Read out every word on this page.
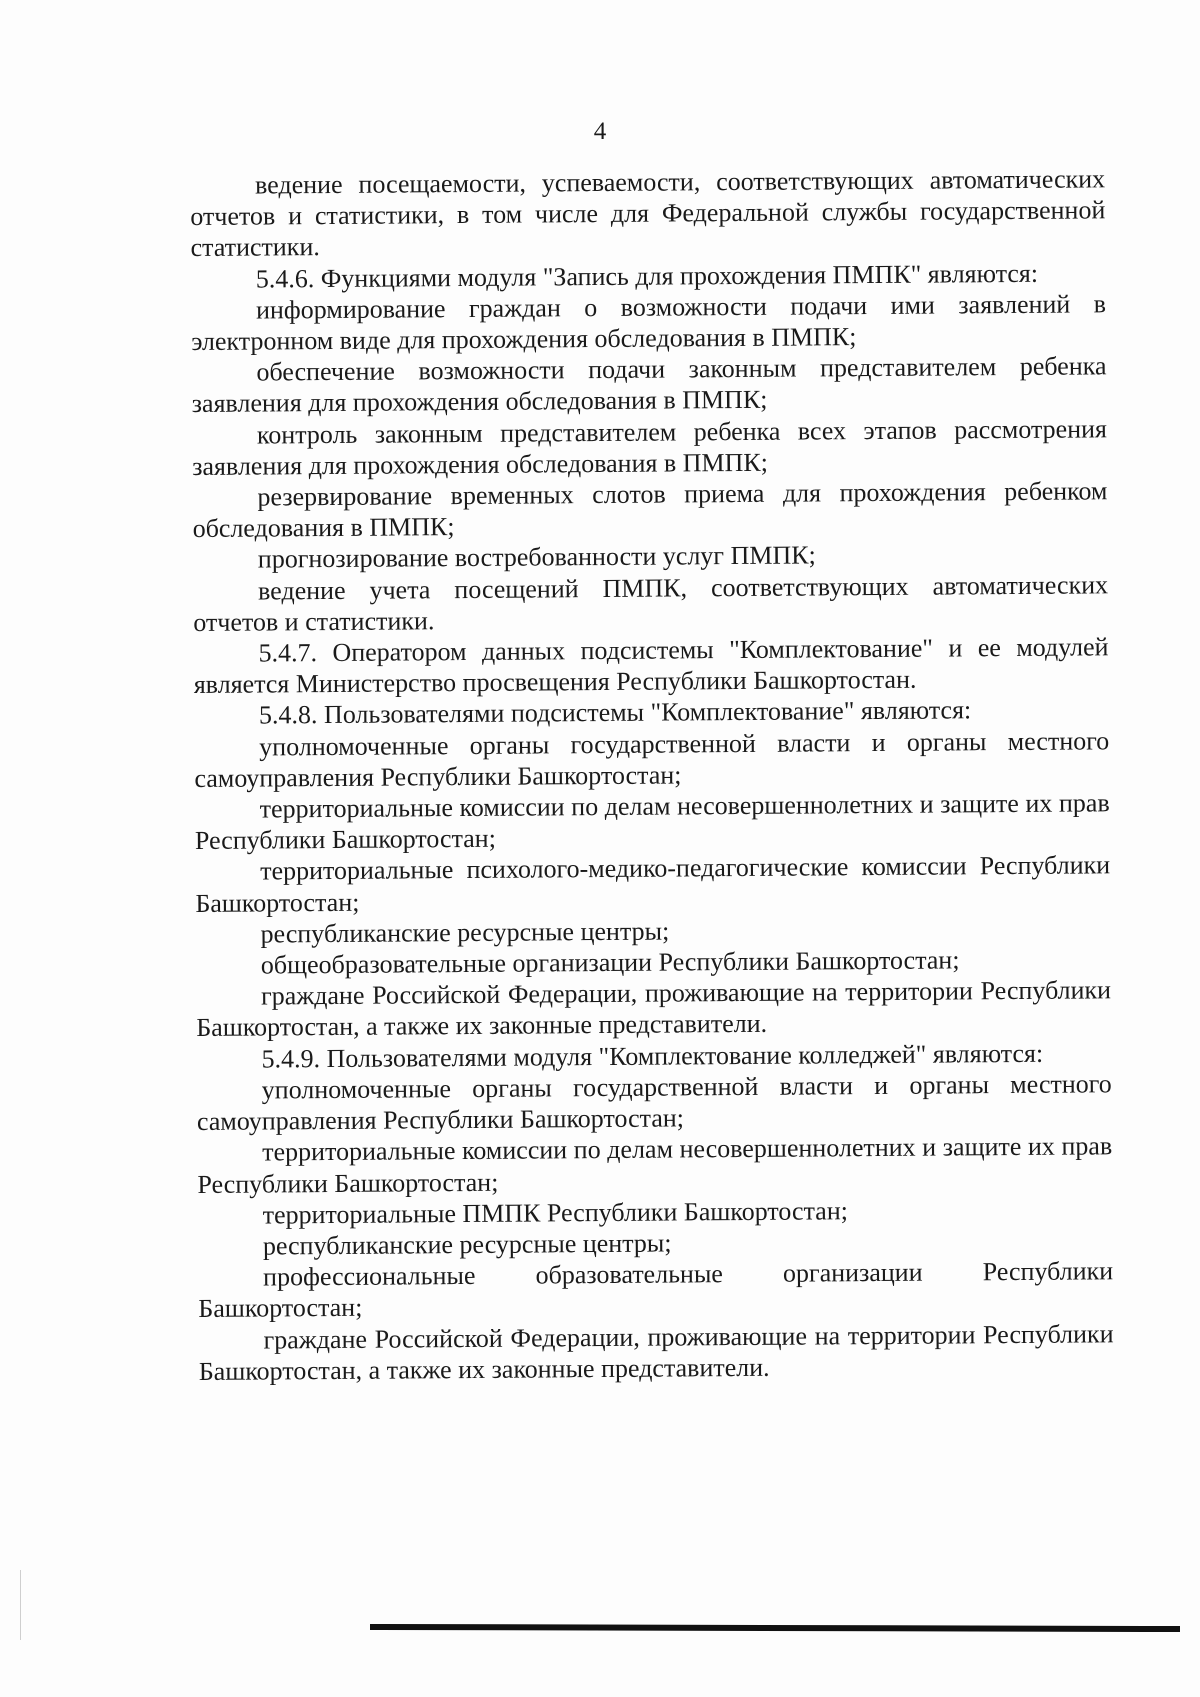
4

ведение посещаемости, успеваемости, соответствующих автоматических отчетов и статистики, в том числе для Федеральной службы государственной статистики.

5.4.6. Функциями модуля "Запись для прохождения ПМПК" являются:

информирование граждан о возможности подачи ими заявлений в электронном виде для прохождения обследования в ПМПК;

обеспечение возможности подачи законным представителем ребенка заявления для прохождения обследования в ПМПК;

контроль законным представителем ребенка всех этапов рассмотрения заявления для прохождения обследования в ПМПК;

резервирование временных слотов приема для прохождения ребенком обследования в ПМПК;

прогнозирование востребованности услуг ПМПК;

ведение учета посещений ПМПК, соответствующих автоматических отчетов и статистики.

5.4.7. Оператором данных подсистемы "Комплектование" и ее модулей является Министерство просвещения Республики Башкортостан.

5.4.8. Пользователями подсистемы "Комплектование" являются:

уполномоченные органы государственной власти и органы местного самоуправления Республики Башкортостан;

территориальные комиссии по делам несовершеннолетних и защите их прав Республики Башкортостан;

территориальные психолого-медико-педагогические комиссии Республики Башкортостан;

республиканские ресурсные центры;

общеобразовательные организации Республики Башкортостан;

граждане Российской Федерации, проживающие на территории Республики Башкортостан, а также их законные представители.

5.4.9. Пользователями модуля "Комплектование колледжей" являются:

уполномоченные органы государственной власти и органы местного самоуправления Республики Башкортостан;

территориальные комиссии по делам несовершеннолетних и защите их прав Республики Башкортостан;

территориальные ПМПК Республики Башкортостан;

республиканские ресурсные центры;

профессиональные образовательные организации Республики Башкортостан;

граждане Российской Федерации, проживающие на территории Республики Башкортостан, а также их законные представители.
